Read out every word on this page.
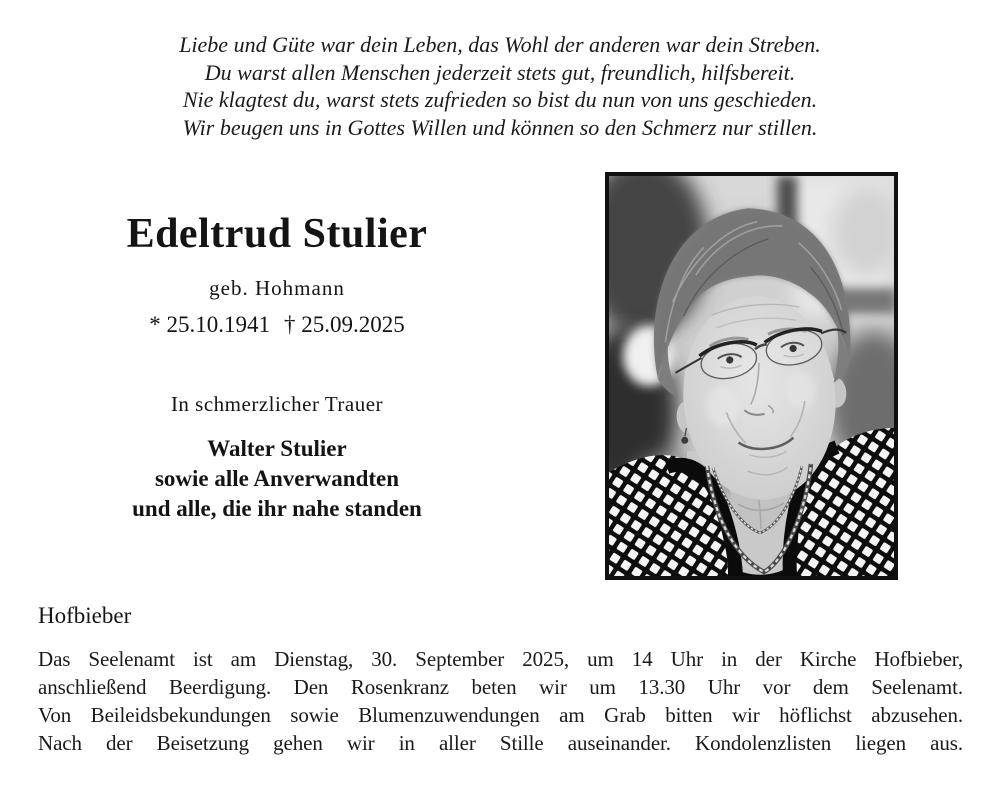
Liebe und Güte war dein Leben, das Wohl der anderen war dein Streben.
Du warst allen Menschen jederzeit stets gut, freundlich, hilfsbereit.
Nie klagtest du, warst stets zufrieden so bist du nun von uns geschieden.
Wir beugen uns in Gottes Willen und können so den Schmerz nur stillen.
Edeltrud Stulier
geb. Hohmann
* 25.10.1941 † 25.09.2025
In schmerzlicher Trauer
Walter Stulier
sowie alle Anverwandten
und alle, die ihr nahe standen
Hofbieber
Das Seelenamt ist am Dienstag, 30. September 2025, um 14 Uhr in der Kirche Hofbieber,
anschließend Beerdigung. Den Rosenkranz beten wir um 13.30 Uhr vor dem Seelenamt.
Von Beileidsbekundungen sowie Blumenzuwendungen am Grab bitten wir höflichst abzusehen.
Nach der Beisetzung gehen wir in aller Stille auseinander. Kondolenzlisten liegen aus.
